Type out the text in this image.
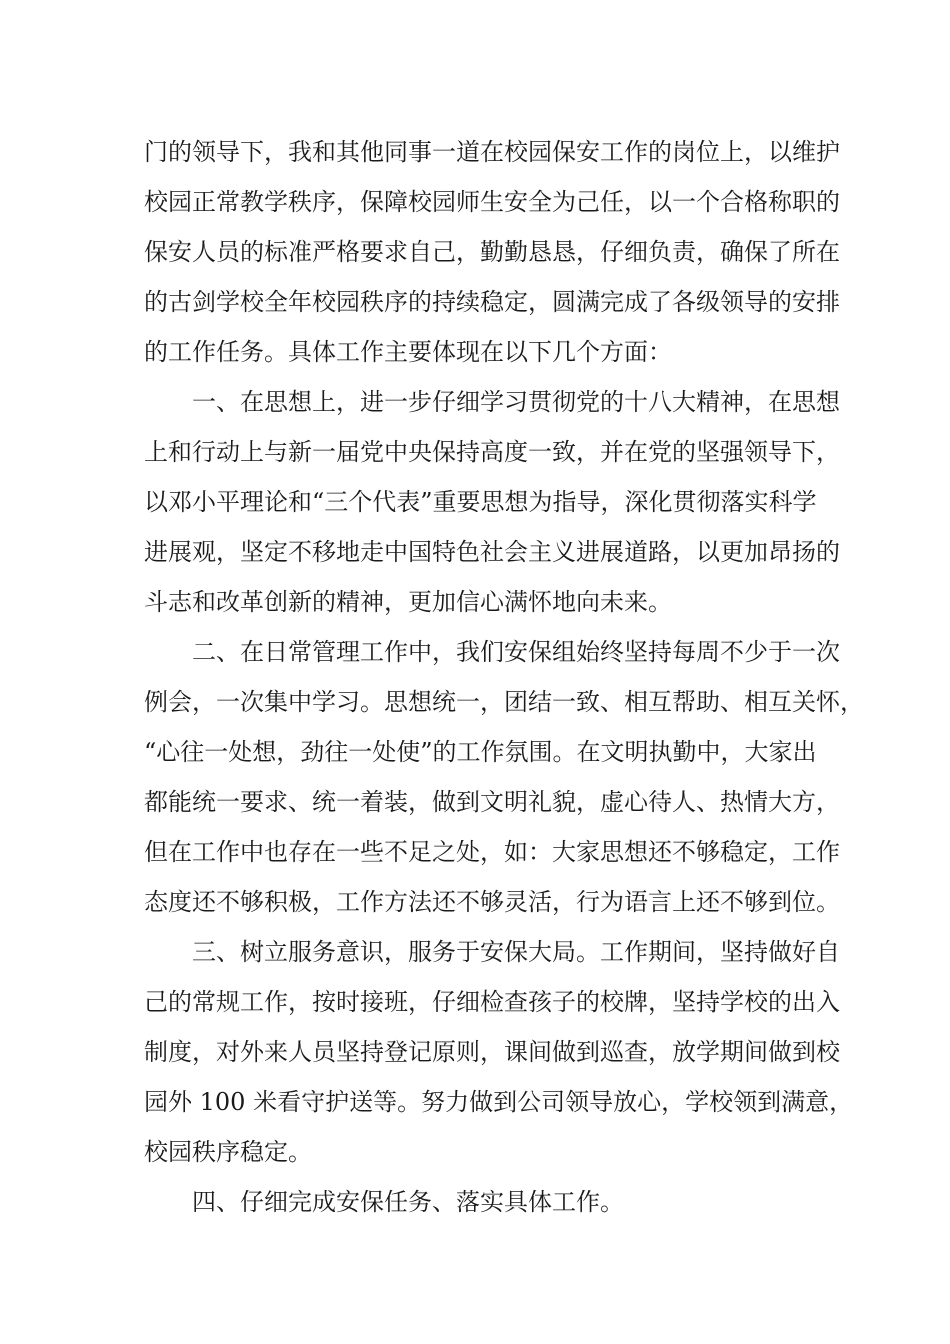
门的领导下，我和其他同事一道在校园保安工作的岗位上，以维护
校园正常教学秩序，保障校园师生安全为己任，以一个合格称职的
保安人员的标准严格要求自己，勤勤恳恳，仔细负责，确保了所在
的古剑学校全年校园秩序的持续稳定，圆满完成了各级领导的安排
的工作任务。具体工作主要体现在以下几个方面：
一、在思想上，进一步仔细学习贯彻党的十八大精神，在思想
上和行动上与新一届党中央保持高度一致，并在党的坚强领导下，
以邓小平理论和“三个代表”重要思想为指导，深化贯彻落实科学
进展观，坚定不移地走中国特色社会主义进展道路，以更加昂扬的
斗志和改革创新的精神，更加信心满怀地向未来。
二、在日常管理工作中，我们安保组始终坚持每周不少于一次
例会，一次集中学习。思想统一，团结一致、相互帮助、相互关怀，
“心往一处想，劲往一处使”的工作氛围。在文明执勤中，大家出
都能统一要求、统一着装，做到文明礼貌，虚心待人、热情大方，
但在工作中也存在一些不足之处，如：大家思想还不够稳定，工作
态度还不够积极，工作方法还不够灵活，行为语言上还不够到位。
三、树立服务意识，服务于安保大局。工作期间，坚持做好自
己的常规工作，按时接班，仔细检查孩子的校牌，坚持学校的出入
制度，对外来人员坚持登记原则，课间做到巡查，放学期间做到校
园外 100 米看守护送等。努力做到公司领导放心，学校领到满意，
校园秩序稳定。
四、仔细完成安保任务、落实具体工作。
